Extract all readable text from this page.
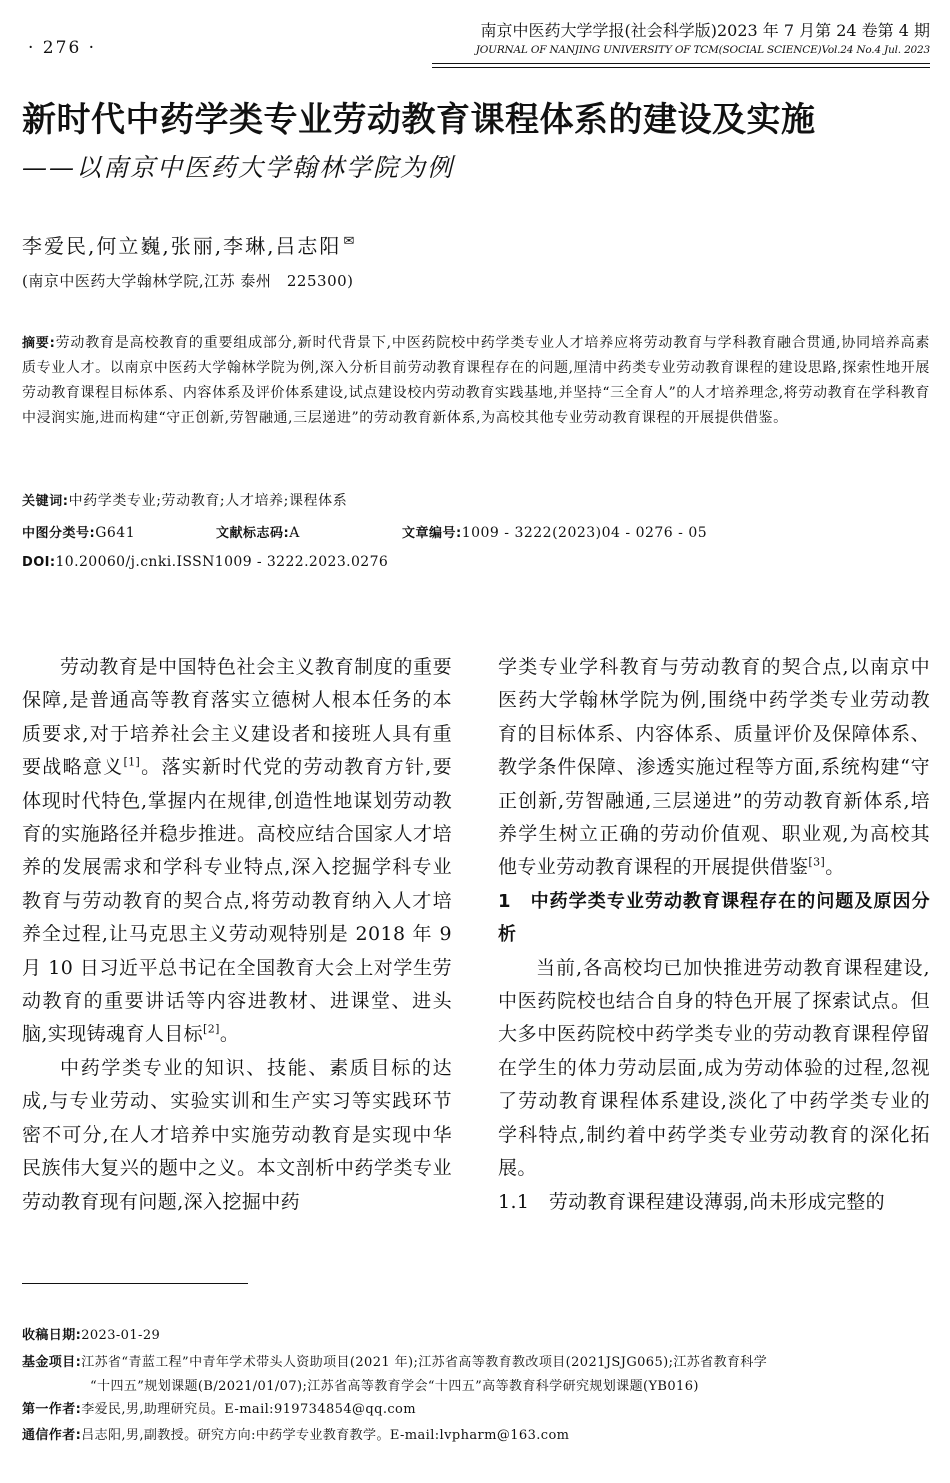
· 276 ·
南京中医药大学学报(社会科学版)2023 年 7 月第 24 卷第 4 期
JOURNAL OF NANJING UNIVERSITY OF TCM(SOCIAL SCIENCE)Vol.24 No.4 Jul. 2023
新时代中药学类专业劳动教育课程体系的建设及实施
——以南京中医药大学翰林学院为例
李爱民,何立巍,张丽,李琳,吕志阳 ✉
(南京中医药大学翰林学院,江苏 泰州　225300)
摘要:劳动教育是高校教育的重要组成部分,新时代背景下,中医药院校中药学类专业人才培养应将劳动教育与学科教育融合贯通,协同培养高素质专业人才。以南京中医药大学翰林学院为例,深入分析目前劳动教育课程存在的问题,厘清中药类专业劳动教育课程的建设思路,探索性地开展劳动教育课程目标体系、内容体系及评价体系建设,试点建设校内劳动教育实践基地,并坚持“三全育人”的人才培养理念,将劳动教育在学科教育中浸润实施,进而构建“守正创新,劳智融通,三层递进”的劳动教育新体系,为高校其他专业劳动教育课程的开展提供借鉴。
关键词:中药学类专业;劳动教育;人才培养;课程体系
中图分类号:G641	文献标志码:A	文章编号:1009 - 3222(2023)04 - 0276 - 05
DOI:10.20060/j.cnki.ISSN1009 - 3222.2023.0276

劳动教育是中国特色社会主义教育制度的重要保障,是普通高等教育落实立德树人根本任务的本质要求,对于培养社会主义建设者和接班人具有重要战略意义[1]。落实新时代党的劳动教育方针,要体现时代特色,掌握内在规律,创造性地谋划劳动教育的实施路径并稳步推进。高校应结合国家人才培养的发展需求和学科专业特点,深入挖掘学科专业教育与劳动教育的契合点,将劳动教育纳入人才培养全过程,让马克思主义劳动观特别是 2018 年 9 月 10 日习近平总书记在全国教育大会上对学生劳动教育的重要讲话等内容进教材、进课堂、进头脑,实现铸魂育人目标[2]。

中药学类专业的知识、技能、素质目标的达成,与专业劳动、实验实训和生产实习等实践环节密不可分,在人才培养中实施劳动教育是实现中华民族伟大复兴的题中之义。本文剖析中药学类专业劳动教育现有问题,深入挖掘中药

学类专业学科教育与劳动教育的契合点,以南京中医药大学翰林学院为例,围绕中药学类专业劳动教育的目标体系、内容体系、质量评价及保障体系、教学条件保障、渗透实施过程等方面,系统构建“守正创新,劳智融通,三层递进”的劳动教育新体系,培养学生树立正确的劳动价值观、职业观,为高校其他专业劳动教育课程的开展提供借鉴[3]。

1　中药学类专业劳动教育课程存在的问题及原因分析

当前,各高校均已加快推进劳动教育课程建设,中医药院校也结合自身的特色开展了探索试点。但大多中医药院校中药学类专业的劳动教育课程停留在学生的体力劳动层面,成为劳动体验的过程,忽视了劳动教育课程体系建设,淡化了中药学类专业的学科特点,制约着中药学类专业劳动教育的深化拓展。

1.1　劳动教育课程建设薄弱,尚未形成完整的

收稿日期:2023-01-29
基金项目:江苏省“青蓝工程”中青年学术带头人资助项目(2021 年);江苏省高等教育教改项目(2021JSJG065);江苏省教育科学
“十四五”规划课题(B/2021/01/07);江苏省高等教育学会“十四五”高等教育科学研究规划课题(YB016)
第一作者:李爱民,男,助理研究员。E-mail:919734854@qq.com
通信作者:吕志阳,男,副教授。研究方向:中药学专业教育教学。E-mail:lvpharm@163.com
